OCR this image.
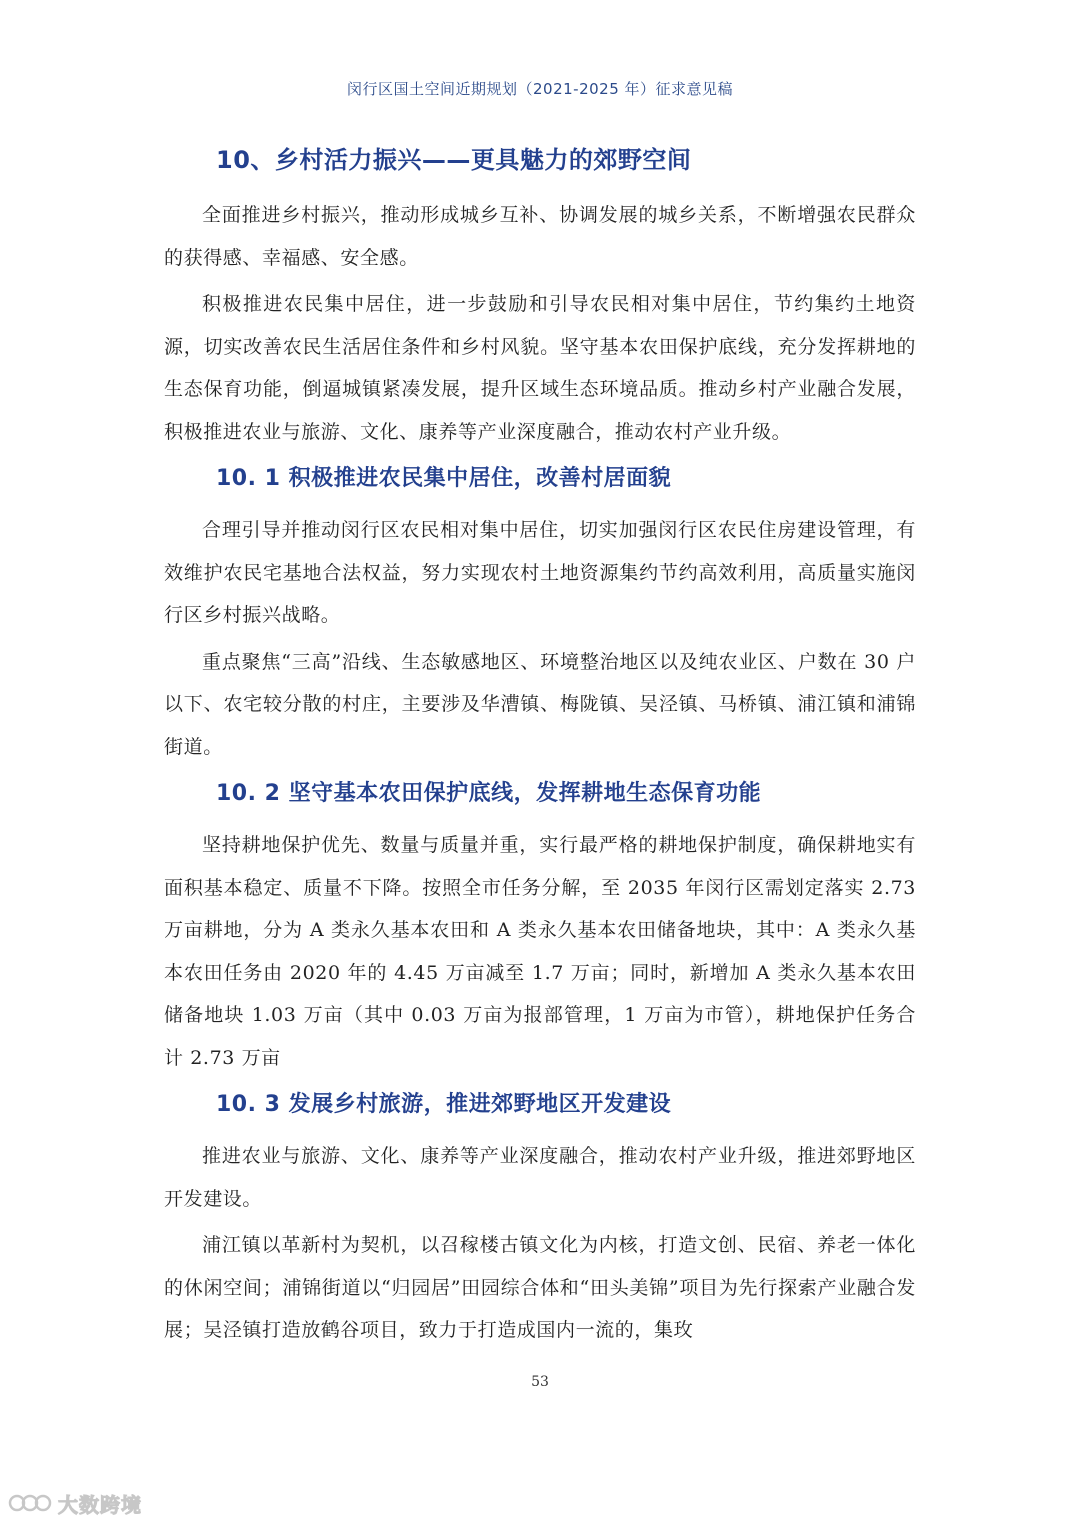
闵行区国土空间近期规划（2021-2025 年）征求意见稿
10、乡村活力振兴——更具魅力的郊野空间

全面推进乡村振兴，推动形成城乡互补、协调发展的城乡关系，不断增强农民群众的获得感、幸福感、安全感。

积极推进农民集中居住，进一步鼓励和引导农民相对集中居住，节约集约土地资源，切实改善农民生活居住条件和乡村风貌。坚守基本农田保护底线，充分发挥耕地的生态保育功能，倒逼城镇紧凑发展，提升区域生态环境品质。推动乡村产业融合发展，积极推进农业与旅游、文化、康养等产业深度融合，推动农村产业升级。

10. 1 积极推进农民集中居住，改善村居面貌

合理引导并推动闵行区农民相对集中居住，切实加强闵行区农民住房建设管理，有效维护农民宅基地合法权益，努力实现农村土地资源集约节约高效利用，高质量实施闵行区乡村振兴战略。

重点聚焦“三高”沿线、生态敏感地区、环境整治地区以及纯农业区、户数在 30 户以下、农宅较分散的村庄，主要涉及华漕镇、梅陇镇、吴泾镇、马桥镇、浦江镇和浦锦街道。

10. 2 坚守基本农田保护底线，发挥耕地生态保育功能

坚持耕地保护优先、数量与质量并重，实行最严格的耕地保护制度，确保耕地实有面积基本稳定、质量不下降。按照全市任务分解，至 2035 年闵行区需划定落实 2.73 万亩耕地，分为 A 类永久基本农田和 A 类永久基本农田储备地块，其中：A 类永久基本农田任务由 2020 年的 4.45 万亩减至 1.7 万亩；同时，新增加 A 类永久基本农田储备地块 1.03 万亩（其中 0.03 万亩为报部管理，1 万亩为市管），耕地保护任务合计 2.73 万亩

10. 3 发展乡村旅游，推进郊野地区开发建设

推进农业与旅游、文化、康养等产业深度融合，推动农村产业升级，推进郊野地区开发建设。

浦江镇以革新村为契机，以召稼楼古镇文化为内核，打造文创、民宿、养老一体化的休闲空间；浦锦街道以“归园居”田园综合体和“田头美锦”项目为先行探索产业融合发展；吴泾镇打造放鹤谷项目，致力于打造成国内一流的，集玫

53
大数跨境
